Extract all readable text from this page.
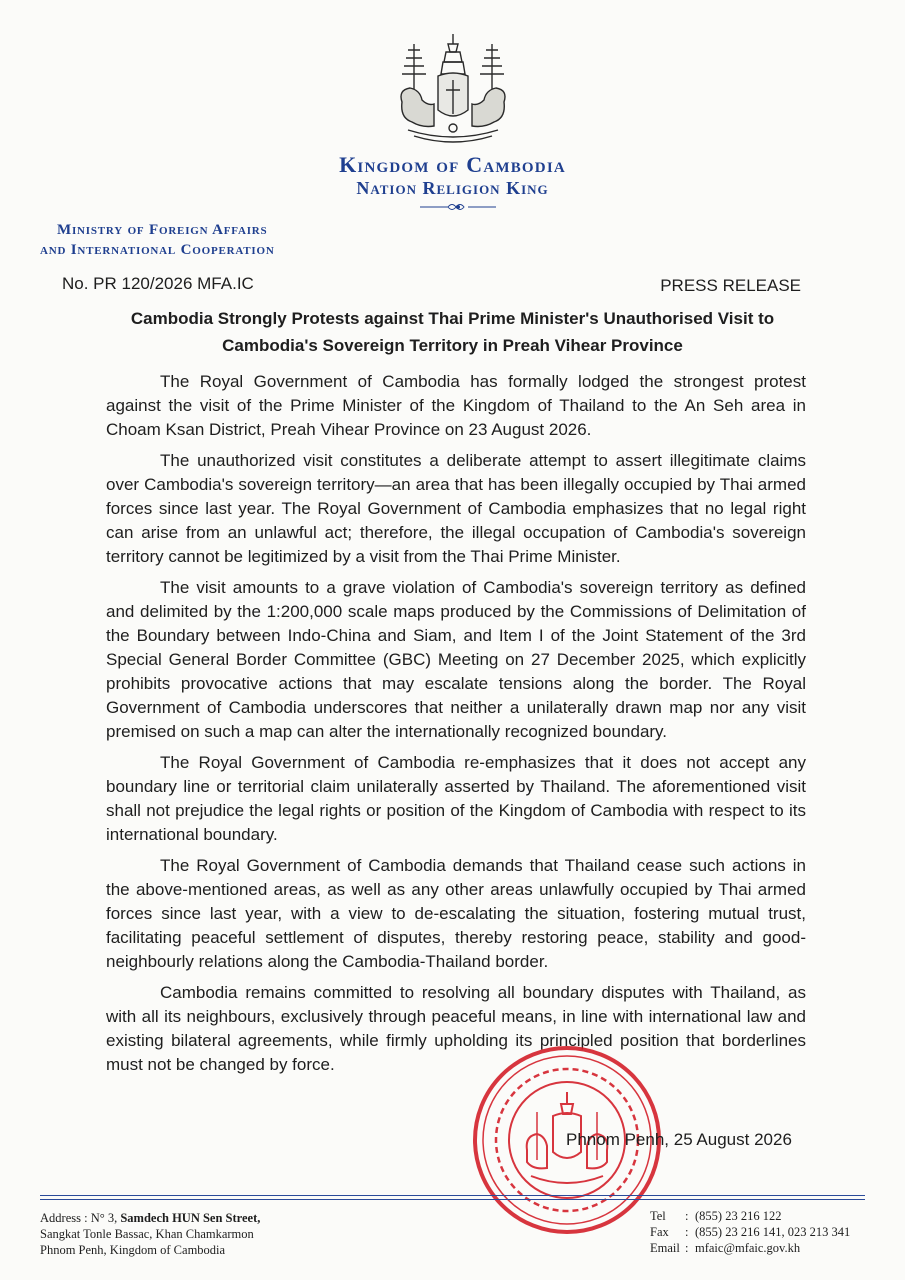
Kingdom of Cambodia
Nation Religion King
Ministry of Foreign Affairs
and International Cooperation
No. PR 120/2026 MFA.IC	PRESS RELEASE
Cambodia Strongly Protests against Thai Prime Minister's Unauthorised Visit to
Cambodia's Sovereign Territory in Preah Vihear Province

The Royal Government of Cambodia has formally lodged the strongest protest against the visit of the Prime Minister of the Kingdom of Thailand to the An Seh area in Choam Ksan District, Preah Vihear Province on 23 August 2026.

The unauthorized visit constitutes a deliberate attempt to assert illegitimate claims over Cambodia's sovereign territory—an area that has been illegally occupied by Thai armed forces since last year. The Royal Government of Cambodia emphasizes that no legal right can arise from an unlawful act; therefore, the illegal occupation of Cambodia's sovereign territory cannot be legitimized by a visit from the Thai Prime Minister.

The visit amounts to a grave violation of Cambodia's sovereign territory as defined and delimited by the 1:200,000 scale maps produced by the Commissions of Delimitation of the Boundary between Indo-China and Siam, and Item I of the Joint Statement of the 3rd Special General Border Committee (GBC) Meeting on 27 December 2025, which explicitly prohibits provocative actions that may escalate tensions along the border. The Royal Government of Cambodia underscores that neither a unilaterally drawn map nor any visit premised on such a map can alter the internationally recognized boundary.

The Royal Government of Cambodia re-emphasizes that it does not accept any boundary line or territorial claim unilaterally asserted by Thailand. The aforementioned visit shall not prejudice the legal rights or position of the Kingdom of Cambodia with respect to its international boundary.

The Royal Government of Cambodia demands that Thailand cease such actions in the above-mentioned areas, as well as any other areas unlawfully occupied by Thai armed forces since last year, with a view to de-escalating the situation, fostering mutual trust, facilitating peaceful settlement of disputes, thereby restoring peace, stability and good-neighbourly relations along the Cambodia-Thailand border.

Cambodia remains committed to resolving all boundary disputes with Thailand, as with all its neighbours, exclusively through peaceful means, in line with international law and existing bilateral agreements, while firmly upholding its principled position that borderlines must not be changed by force.

Phnom Penh, 25 August 2026
Address : N° 3, Samdech HUN Sen Street,
Sangkat Tonle Bassac, Khan Chamkarmon
Phnom Penh, Kingdom of Cambodia
Tel	: (855) 23 216 122
Fax	: (855) 23 216 141, 023 213 341
Email : mfaic@mfaic.gov.kh
